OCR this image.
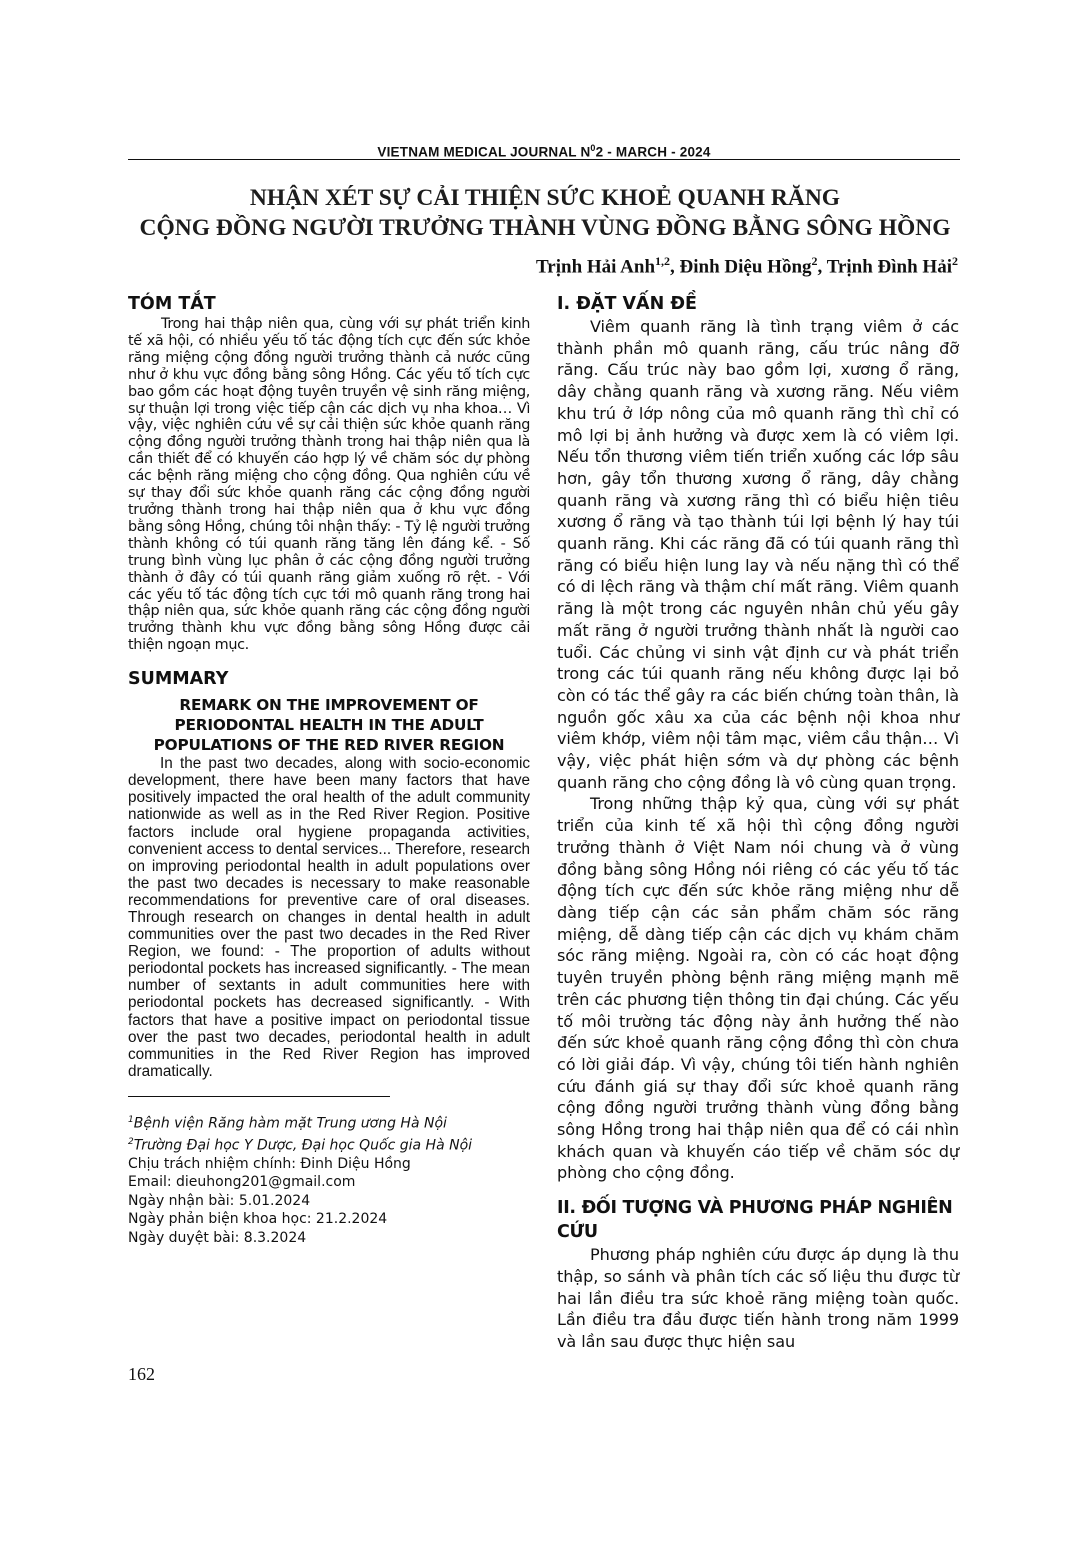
VIETNAM MEDICAL JOURNAL $N^02$ - MARCH - 2024
NHẬN XÉT SỰ CẢI THIỆN SỨC KHOẺ QUANH RĂNG
CỘNG ĐỒNG NGƯỜI TRƯỞNG THÀNH VÙNG ĐỒNG BẰNG SÔNG HỒNG
Trịnh Hải Anh$^{1,2}$, Đinh Diệu Hồng$^2$, Trịnh Đình Hải$^2$
TÓM TẮT

Trong hai thập niên qua, cùng với sự phát triển kinh tế xã hội, có nhiều yếu tố tác động tích cực đến sức khỏe răng miệng cộng đồng người trưởng thành cả nước cũng như ở khu vực đồng bằng sông Hồng. Các yếu tố tích cực bao gồm các hoạt động tuyên truyền vệ sinh răng miệng, sự thuận lợi trong việc tiếp cận các dịch vụ nha khoa… Vì vậy, việc nghiên cứu về sự cải thiện sức khỏe quanh răng cộng đồng người trưởng thành trong hai thập niên qua là cần thiết để có khuyến cáo hợp lý về chăm sóc dự phòng các bệnh răng miệng cho cộng đồng. Qua nghiên cứu về sự thay đổi sức khỏe quanh răng các cộng đồng người trưởng thành trong hai thập niên qua ở khu vực đồng bằng sông Hồng, chúng tôi nhận thấy: - Tỷ lệ người trưởng thành không có túi quanh răng tăng lên đáng kể. - Số trung bình vùng lục phân ở các cộng đồng người trưởng thành ở đây có túi quanh răng giảm xuống rõ rệt. - Với các yếu tố tác động tích cực tới mô quanh răng trong hai thập niên qua, sức khỏe quanh răng các cộng đồng người trưởng thành khu vực đồng bằng sông Hồng được cải thiện ngoạn mục.

SUMMARY

REMARK ON THE IMPROVEMENT OF PERIODONTAL HEALTH IN THE ADULT POPULATIONS OF THE RED RIVER REGION

In the past two decades, along with socio-economic development, there have been many factors that have positively impacted the oral health of the adult community nationwide as well as in the Red River Region. Positive factors include oral hygiene propaganda activities, convenient access to dental services... Therefore, research on improving periodontal health in adult populations over the past two decades is necessary to make reasonable recommendations for preventive care of oral diseases. Through research on changes in dental health in adult communities over the past two decades in the Red River Region, we found: - The proportion of adults without periodontal pockets has increased significantly. - The mean number of sextants in adult communities here with periodontal pockets has decreased significantly. - With factors that have a positive impact on periodontal tissue over the past two decades, periodontal health in adult communities in the Red River Region has improved dramatically.

$^1$Bệnh viện Răng hàm mặt Trung ương Hà Nội

$^2$Trường Đại học Y Dược, Đại học Quốc gia Hà Nội

Chịu trách nhiệm chính: Đinh Diệu Hồng

Email: dieuhong201@gmail.com

Ngày nhận bài: 5.01.2024

Ngày phản biện khoa học: 21.2.2024

Ngày duyệt bài: 8.3.2024

I. ĐẶT VẤN ĐỀ

Viêm quanh răng là tình trạng viêm ở các thành phần mô quanh răng, cấu trúc nâng đỡ răng. Cấu trúc này bao gồm lợi, xương ổ răng, dây chằng quanh răng và xương răng. Nếu viêm khu trú ở lớp nông của mô quanh răng thì chỉ có mô lợi bị ảnh hưởng và được xem là có viêm lợi. Nếu tổn thương viêm tiến triển xuống các lớp sâu hơn, gây tổn thương xương ổ răng, dây chằng quanh răng và xương răng thì có biểu hiện tiêu xương ổ răng và tạo thành túi lợi bệnh lý hay túi quanh răng. Khi các răng đã có túi quanh răng thì răng có biểu hiện lung lay và nếu nặng thì có thể có di lệch răng và thậm chí mất răng. Viêm quanh răng là một trong các nguyên nhân chủ yếu gây mất răng ở người trưởng thành nhất là người cao tuổi. Các chủng vi sinh vật định cư và phát triển trong các túi quanh răng nếu không được lại bỏ còn có tác thể gây ra các biến chứng toàn thân, là nguồn gốc xâu xa của các bệnh nội khoa như viêm khớp, viêm nội tâm mạc, viêm cầu thận… Vì vậy, việc phát hiện sớm và dự phòng các bệnh quanh răng cho cộng đồng là vô cùng quan trọng.

Trong những thập kỷ qua, cùng với sự phát triển của kinh tế xã hội thì cộng đồng người trưởng thành ở Việt Nam nói chung và ở vùng đồng bằng sông Hồng nói riêng có các yếu tố tác động tích cực đến sức khỏe răng miệng như dễ dàng tiếp cận các sản phẩm chăm sóc răng miệng, dễ dàng tiếp cận các dịch vụ khám chăm sóc răng miệng. Ngoài ra, còn có các hoạt động tuyên truyền phòng bệnh răng miệng mạnh mẽ trên các phương tiện thông tin đại chúng. Các yếu tố môi trường tác động này ảnh hưởng thế nào đến sức khoẻ quanh răng cộng đồng thì còn chưa có lời giải đáp. Vì vậy, chúng tôi tiến hành nghiên cứu đánh giá sự thay đổi sức khoẻ quanh răng cộng đồng người trưởng thành vùng đồng bằng sông Hồng trong hai thập niên qua để có cái nhìn khách quan và khuyến cáo tiếp về chăm sóc dự phòng cho cộng đồng.

II. ĐỐI TƯỢNG VÀ PHƯƠNG PHÁP NGHIÊN CỨU

Phương pháp nghiên cứu được áp dụng là thu thập, so sánh và phân tích các số liệu thu được từ hai lần điều tra sức khoẻ răng miệng toàn quốc. Lần điều tra đầu được tiến hành trong năm 1999 và lần sau được thực hiện sau

162
